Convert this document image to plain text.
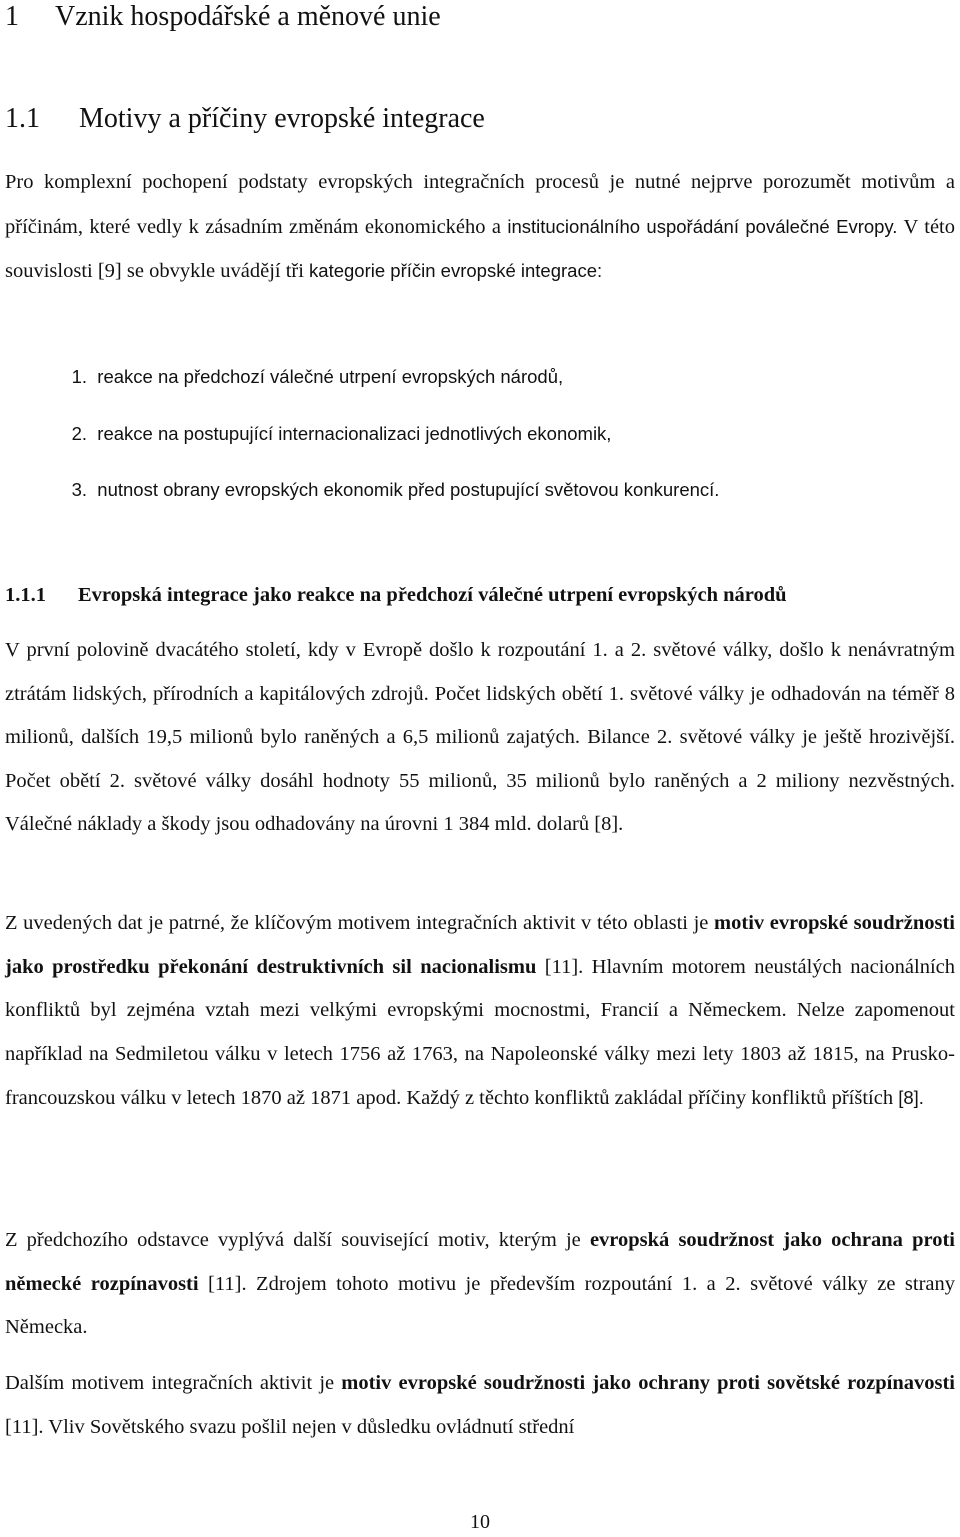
1 Vznik hospodářské a měnové unie
1.1 Motivy a příčiny evropské integrace

Pro komplexní pochopení podstaty evropských integračních procesů je nutné nejprve porozumět motivům a příčinám, které vedly k zásadním změnám ekonomického a institucionálního uspořádání poválečné Evropy. V této souvislosti [9] se obvykle uvádějí tři kategorie příčin evropské integrace:

1. reakce na předchozí válečné utrpení evropských národů,
2. reakce na postupující internacionalizaci jednotlivých ekonomik,
3. nutnost obrany evropských ekonomik před postupující světovou konkurencí.
1.1.1 Evropská integrace jako reakce na předchozí válečné utrpení evropských národů

V první polovině dvacátého století, kdy v Evropě došlo k rozpoutání 1. a 2. světové války, došlo k nenávratným ztrátám lidských, přírodních a kapitálových zdrojů. Počet lidských obětí 1. světové války je odhadován na téměř 8 milionů, dalších 19,5 milionů bylo raněných a 6,5 milionů zajatých. Bilance 2. světové války je ještě hrozivější. Počet obětí 2. světové války dosáhl hodnoty 55 milionů, 35 milionů bylo raněných a 2 miliony nezvěstných. Válečné náklady a škody jsou odhadovány na úrovni 1 384 mld. dolarů [8].

Z uvedených dat je patrné, že klíčovým motivem integračních aktivit v této oblasti je motiv evropské soudržnosti jako prostředku překonání destruktivních sil nacionalismu [11]. Hlavním motorem neustálých nacionálních konfliktů byl zejména vztah mezi velkými evropskými mocnostmi, Francií a Německem. Nelze zapomenout například na Sedmiletou válku v letech 1756 až 1763, na Napoleonské války mezi lety 1803 až 1815, na Prusko-francouzskou válku v letech 1870 až 1871 apod. Každý z těchto konfliktů zakládal příčiny konfliktů příštích [8].

Z předchozího odstavce vyplývá další související motiv, kterým je evropská soudržnost jako ochrana proti německé rozpínavosti [11]. Zdrojem tohoto motivu je především rozpoutání 1. a 2. světové války ze strany Německa.

Dalším motivem integračních aktivit je motiv evropské soudržnosti jako ochrany proti sovětské rozpínavosti [11]. Vliv Sovětského svazu pošlil nejen v důsledku ovládnutí střední

10
